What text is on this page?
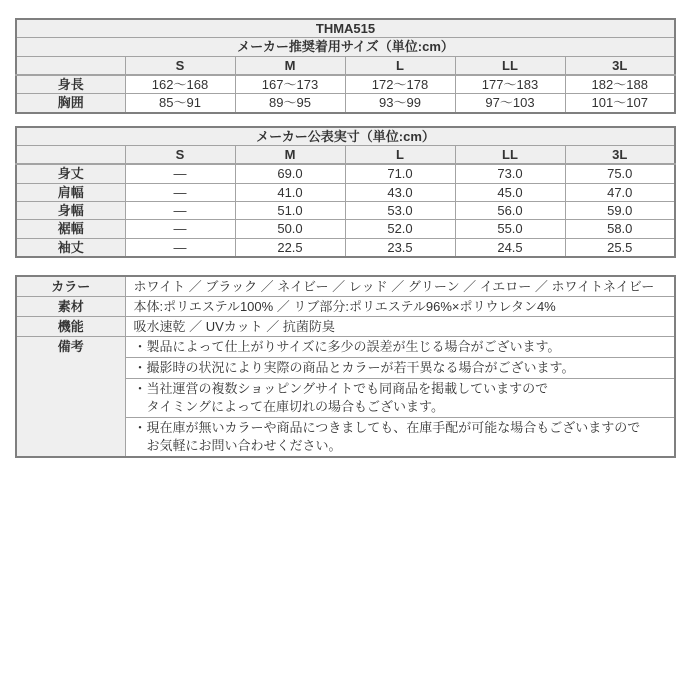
THMA515					
メーカー推奨着用サイズ（単位:cm）					
	S	M	L	LL	3L
身長	162～168	167～173	172～178	177～183	182～188
胸囲	85～91	89～95	93～99	97～103	101～107
メーカー公表実寸（単位:cm）					
	S	M	L	LL	3L
身丈	―	69.0	71.0	73.0	75.0
肩幅	―	41.0	43.0	45.0	47.0
身幅	―	51.0	53.0	56.0	59.0
裾幅	―	50.0	52.0	55.0	58.0
袖丈	―	22.5	23.5	24.5	25.5
カラー	ホワイト ／ ブラック ／ ネイビー ／ レッド ／ グリーン ／ イエロー ／ ホワイトネイビー
素材	本体:ポリエステル100% ／ リブ部分:ポリエステル96%×ポリウレタン4%
機能	吸水速乾 ／ UVカット ／ 抗菌防臭
備考	・製品によって仕上がりサイズに多少の誤差が生じる場合がございます。

	・撮影時の状況により実際の商品とカラーが若干異なる場合がございます。

	・当社運営の複数ショッピングサイトでも同商品を掲載していますので
タイミングによって在庫切れの場合もございます。

	・現在庫が無いカラーや商品につきましても、在庫手配が可能な場合もございますので
お気軽にお問い合わせください。
